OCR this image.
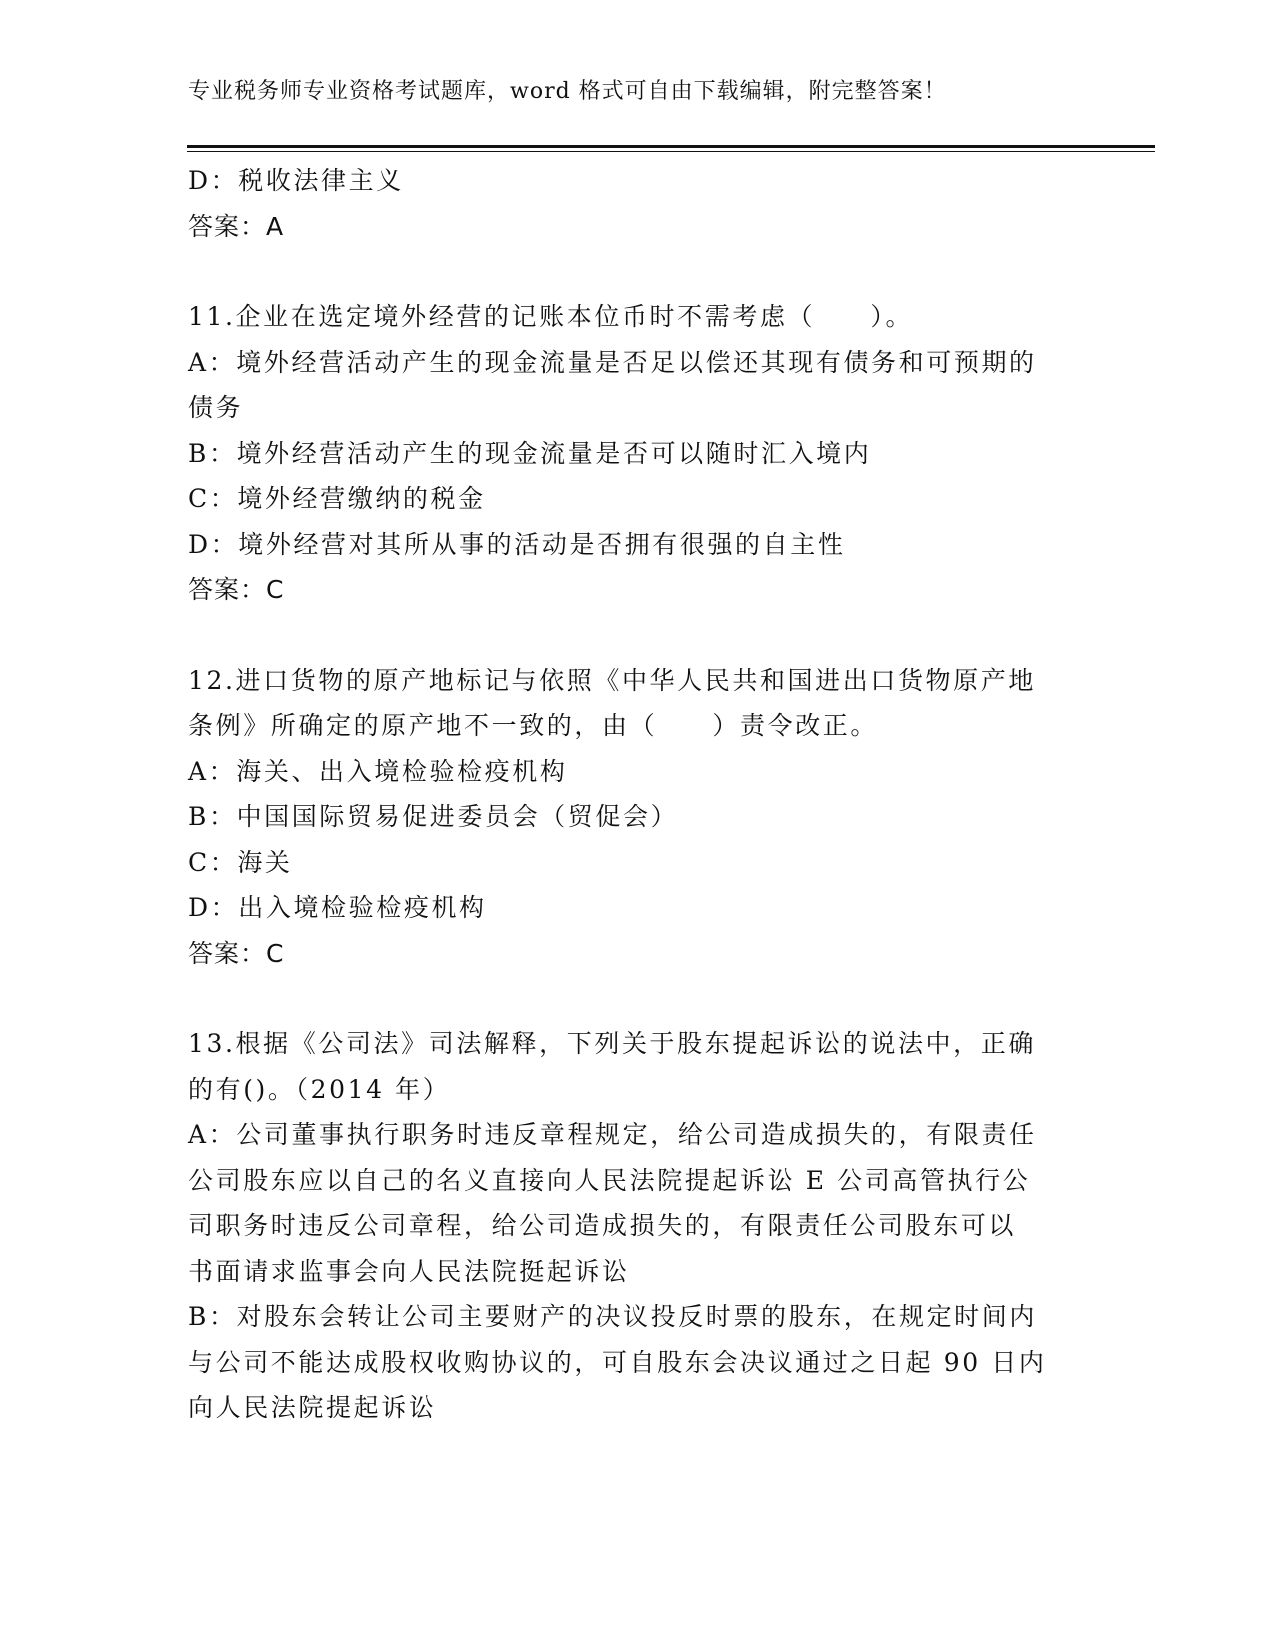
专业税务师专业资格考试题库，word 格式可自由下载编辑，附完整答案！
D：税收法律主义
答案：A
11.企业在选定境外经营的记账本位币时不需考虑（　　）。
A：境外经营活动产生的现金流量是否足以偿还其现有债务和可预期的
债务
B：境外经营活动产生的现金流量是否可以随时汇入境内
C：境外经营缴纳的税金
D：境外经营对其所从事的活动是否拥有很强的自主性
答案：C
12.进口货物的原产地标记与依照《中华人民共和国进出口货物原产地
条例》所确定的原产地不一致的，由（　　）责令改正。
A：海关、出入境检验检疫机构
B：中国国际贸易促进委员会（贸促会）
C：海关
D：出入境检验检疫机构
答案：C
13.根据《公司法》司法解释，下列关于股东提起诉讼的说法中，正确
的有()。（2014 年）
A：公司董事执行职务时违反章程规定，给公司造成损失的，有限责任
公司股东应以自己的名义直接向人民法院提起诉讼 E 公司高管执行公
司职务时违反公司章程，给公司造成损失的，有限责任公司股东可以
书面请求监事会向人民法院挺起诉讼
B：对股东会转让公司主要财产的决议投反时票的股东，在规定时间内
与公司不能达成股权收购协议的，可自股东会决议通过之日起 90 日内
向人民法院提起诉讼
